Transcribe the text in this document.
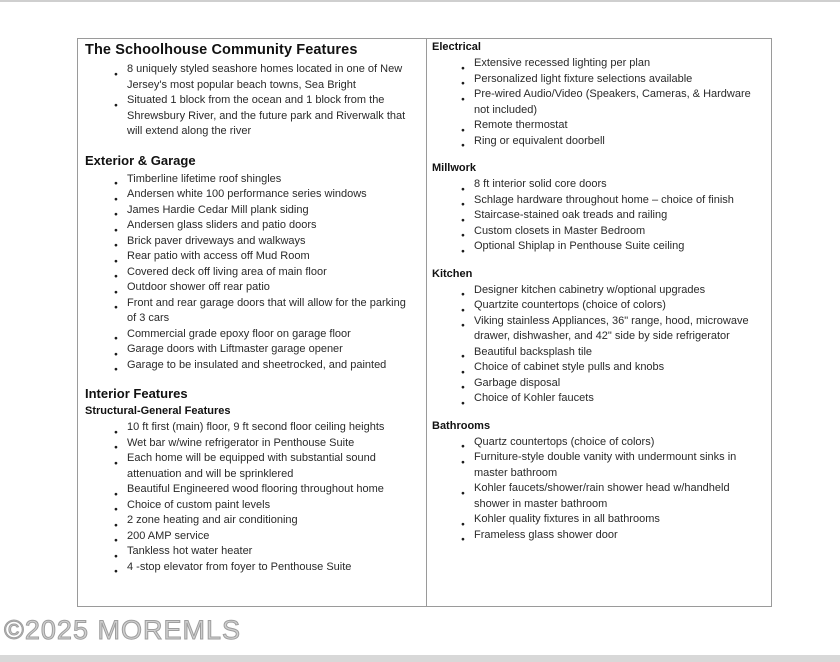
The Schoolhouse Community Features
● 8 uniquely styled seashore homes located in one of New Jersey's most popular beach towns, Sea Bright
● Situated 1 block from the ocean and 1 block from the Shrewsbury River, and the future park and Riverwalk that will extend along the river
Exterior & Garage
● Timberline lifetime roof shingles
● Andersen white 100 performance series windows
● James Hardie Cedar Mill plank siding
● Andersen glass sliders and patio doors
● Brick paver driveways and walkways
● Rear patio with access off Mud Room
● Covered deck off living area of main floor
● Outdoor shower off rear patio
● Front and rear garage doors that will allow for the parking of 3 cars
● Commercial grade epoxy floor on garage floor
● Garage doors with Liftmaster garage opener
● Garage to be insulated and sheetrocked, and painted
Interior Features
Structural-General Features
● 10 ft first (main) floor, 9 ft second floor ceiling heights
● Wet bar w/wine refrigerator in Penthouse Suite
● Each home will be equipped with substantial sound attenuation and will be sprinklered
● Beautiful Engineered wood flooring throughout home
● Choice of custom paint levels
● 2 zone heating and air conditioning
● 200 AMP service
● Tankless hot water heater
● 4 -stop elevator from foyer to Penthouse Suite
Electrical
● Extensive recessed lighting per plan
● Personalized light fixture selections available
● Pre-wired Audio/Video (Speakers, Cameras, & Hardware not included)
● Remote thermostat
● Ring or equivalent doorbell
Millwork
● 8 ft interior solid core doors
● Schlage hardware throughout home – choice of finish
● Staircase-stained oak treads and railing
● Custom closets in Master Bedroom
● Optional Shiplap in Penthouse Suite ceiling
Kitchen
● Designer kitchen cabinetry w/optional upgrades
● Quartzite countertops (choice of colors)
● Viking stainless Appliances, 36" range, hood, microwave drawer, dishwasher, and 42" side by side refrigerator
● Beautiful backsplash tile
● Choice of cabinet style pulls and knobs
● Garbage disposal
● Choice of Kohler faucets
Bathrooms
● Quartz countertops (choice of colors)
● Furniture-style double vanity with undermount sinks in master bathroom
● Kohler faucets/shower/rain shower head w/handheld shower in master bathroom
● Kohler quality fixtures in all bathrooms
● Frameless glass shower door
©2025 MOREMLS
